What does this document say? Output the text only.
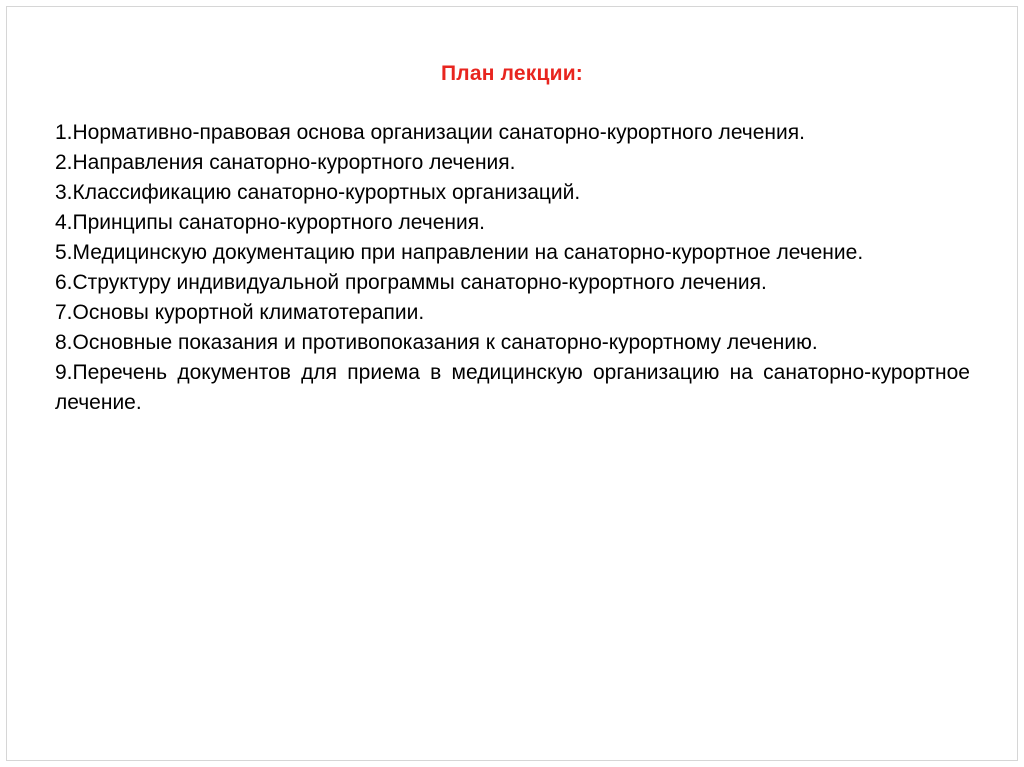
План лекции:

1.Нормативно-правовая основа организации санаторно-курортного лечения.

2.Направления санаторно-курортного лечения.

3.Классификацию санаторно-курортных организаций.

4.Принципы санаторно-курортного лечения.

5.Медицинскую документацию при направлении на санаторно-курортное лечение.

6.Структуру индивидуальной программы санаторно-курортного лечения.

7.Основы курортной климатотерапии.

8.Основные показания и противопоказания к санаторно-курортному лечению.

9.Перечень документов для приема в медицинскую организацию на санаторно-курортное лечение.
